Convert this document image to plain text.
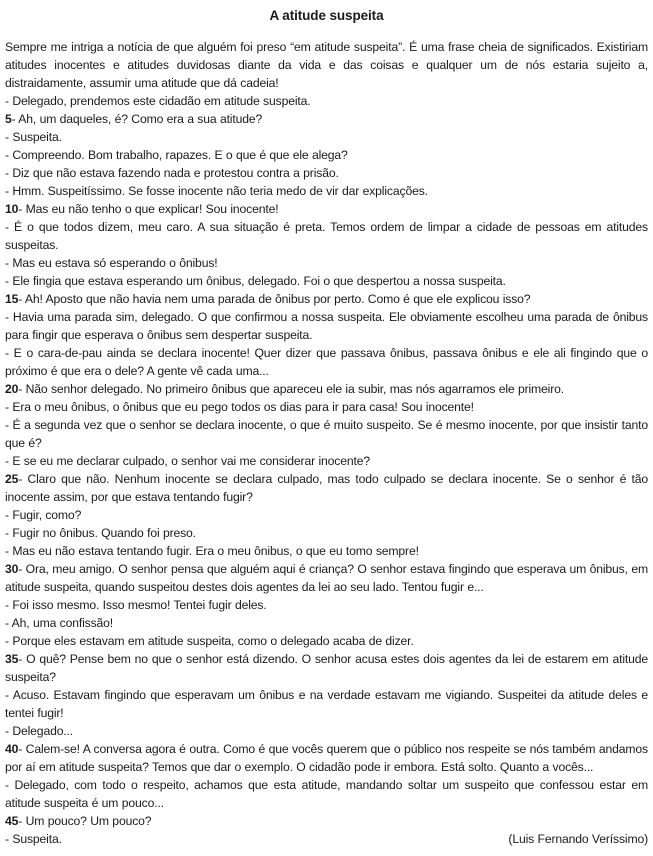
A atitude suspeita

Sempre me intriga a notícia de que alguém foi preso “em atitude suspeita”. É uma frase cheia de significados. Existiriam atitudes inocentes e atitudes duvidosas diante da vida e das coisas e qualquer um de nós estaria sujeito a, distraidamente, assumir uma atitude que dá cadeia!

- Delegado, prendemos este cidadão em atitude suspeita.

5- Ah, um daqueles, é? Como era a sua atitude?

- Suspeita.

- Compreendo. Bom trabalho, rapazes. E o que é que ele alega?

- Diz que não estava fazendo nada e protestou contra a prisão.

- Hmm. Suspeitíssimo. Se fosse inocente não teria medo de vir dar explicações.

10- Mas eu não tenho o que explicar! Sou inocente!

- É o que todos dizem, meu caro. A sua situação é preta. Temos ordem de limpar a cidade de pessoas em atitudes suspeitas.

- Mas eu estava só esperando o ônibus!

- Ele fingia que estava esperando um ônibus, delegado. Foi o que despertou a nossa suspeita.

15- Ah! Aposto que não havia nem uma parada de ônibus por perto. Como é que ele explicou isso?

- Havia uma parada sim, delegado. O que confirmou a nossa suspeita. Ele obviamente escolheu uma parada de ônibus para fingir que esperava o ônibus sem despertar suspeita.

- E o cara-de-pau ainda se declara inocente! Quer dizer que passava ônibus, passava ônibus e ele ali fingindo que o próximo é que era o dele? A gente vê cada uma...

20- Não senhor delegado. No primeiro ônibus que apareceu ele ia subir, mas nós agarramos ele primeiro.

- Era o meu ônibus, o ônibus que eu pego todos os dias para ir para casa! Sou inocente!

- É a segunda vez que o senhor se declara inocente, o que é muito suspeito. Se é mesmo inocente, por que insistir tanto que é?

- E se eu me declarar culpado, o senhor vai me considerar inocente?

25- Claro que não. Nenhum inocente se declara culpado, mas todo culpado se declara inocente. Se o senhor é tão inocente assim, por que estava tentando fugir?

- Fugir, como?

- Fugir no ônibus. Quando foi preso.

- Mas eu não estava tentando fugir. Era o meu ônibus, o que eu tomo sempre!

30- Ora, meu amigo. O senhor pensa que alguém aqui é criança? O senhor estava fingindo que esperava um ônibus, em atitude suspeita, quando suspeitou destes dois agentes da lei ao seu lado. Tentou fugir e...

- Foi isso mesmo. Isso mesmo! Tentei fugir deles.

- Ah, uma confissão!

- Porque eles estavam em atitude suspeita, como o delegado acaba de dizer.

35- O quê? Pense bem no que o senhor está dizendo. O senhor acusa estes dois agentes da lei de estarem em atitude suspeita?

- Acuso. Estavam fingindo que esperavam um ônibus e na verdade estavam me vigiando. Suspeitei da atitude deles e tentei fugir!

- Delegado...

40- Calem-se! A conversa agora é outra. Como é que vocês querem que o público nos respeite se nós também andamos por aí em atitude suspeita? Temos que dar o exemplo. O cidadão pode ir embora. Está solto. Quanto a vocês...

- Delegado, com todo o respeito, achamos que esta atitude, mandando soltar um suspeito que confessou estar em atitude suspeita é um pouco...

45- Um pouco? Um pouco?

- Suspeita.	(Luis Fernando Veríssimo)
